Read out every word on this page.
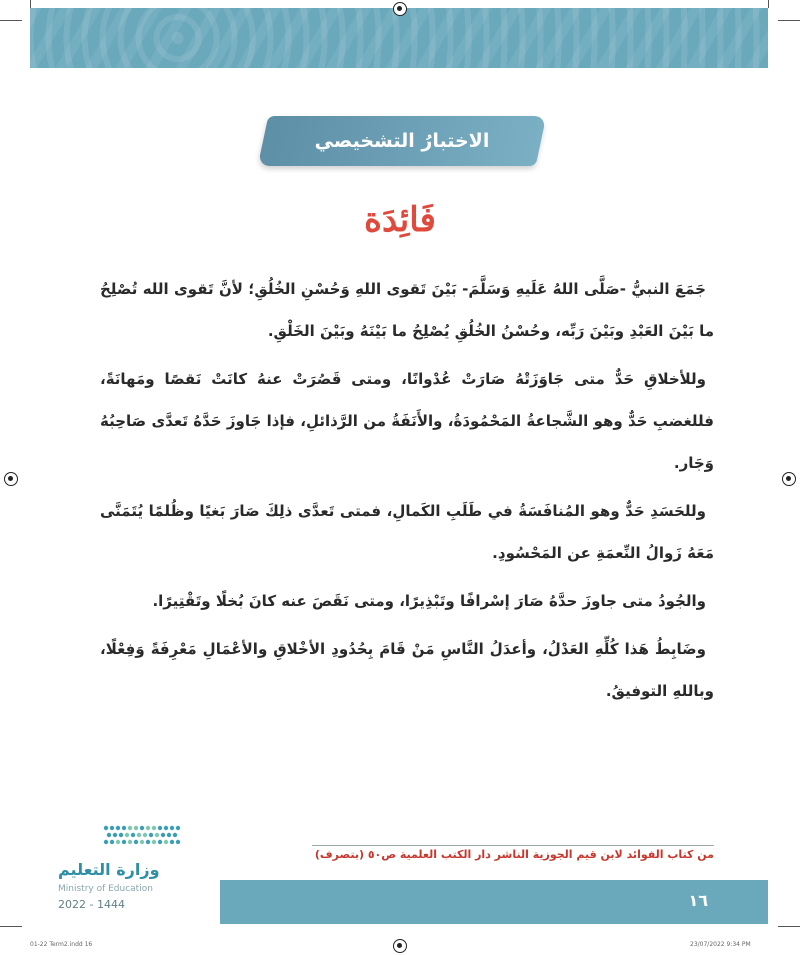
الاختبارُ التشخيصي
فَائِدَة

جَمَعَ النبيُّ -صَلَّى اللهُ عَلَيهِ وَسَلَّمَ- بَيْنَ تَقوى اللهِ وَحُسْنِ الخُلُقِ؛ لأنَّ تَقوى الله تُصْلِحُ ما بَيْنَ العَبْدِ وبَيْنَ رَبِّه، وحُسْنُ الخُلُقِ يُصْلِحُ ما بَيْنَهُ وبَيْنَ الخَلْقِ.

وللأخلاقِ حَدٌّ متى جَاوَزَتْهُ صَارَتْ عُدْوانًا، ومتى قَصُرَتْ عنهُ كانَتْ نَقصًا ومَهانَةً، فللغضبِ حَدٌّ وهو الشَّجاعةُ المَحْمُودَةُ، والأَنَفَةُ من الرَّذائلِ، فإذا جَاوزَ حَدَّهُ تَعدَّى صَاحِبُهُ وَجَار.

وللحَسَدِ حَدٌّ وهو المُنافَسَةُ في طَلَبِ الكَمالِ، فمتى تَعدَّى ذلِكَ صَارَ بَغيًا وظُلمًا يُتَمَنَّى مَعَهُ زَوالُ النِّعمَةِ عن المَحْسُودِ.

والجُودُ متى جاوزَ حدَّهُ صَارَ إسْرافًا وتَبْذِيرًا، ومتى نَقَصَ عنه كانَ بُخلًا وتَقْتِيرًا.

وضَابِطُ هَذا كُلِّهِ العَدْلُ، وأعدَلُ النَّاسِ مَنْ قَامَ بِحُدُودِ الأخْلاقِ والأعْمَالِ مَعْرِفَةً وَفِعْلًا، وباللهِ التوفيقُ.

من كتاب الفوائد لابن قيم الجوزية الناشر دار الكتب العلمية ص٥٠ (بتصرف)
وزارة التعليم
Ministry of Education
2022 - 1444	١٦
01-22 Term2.indd 16	23/07/2022 9:34 PM
